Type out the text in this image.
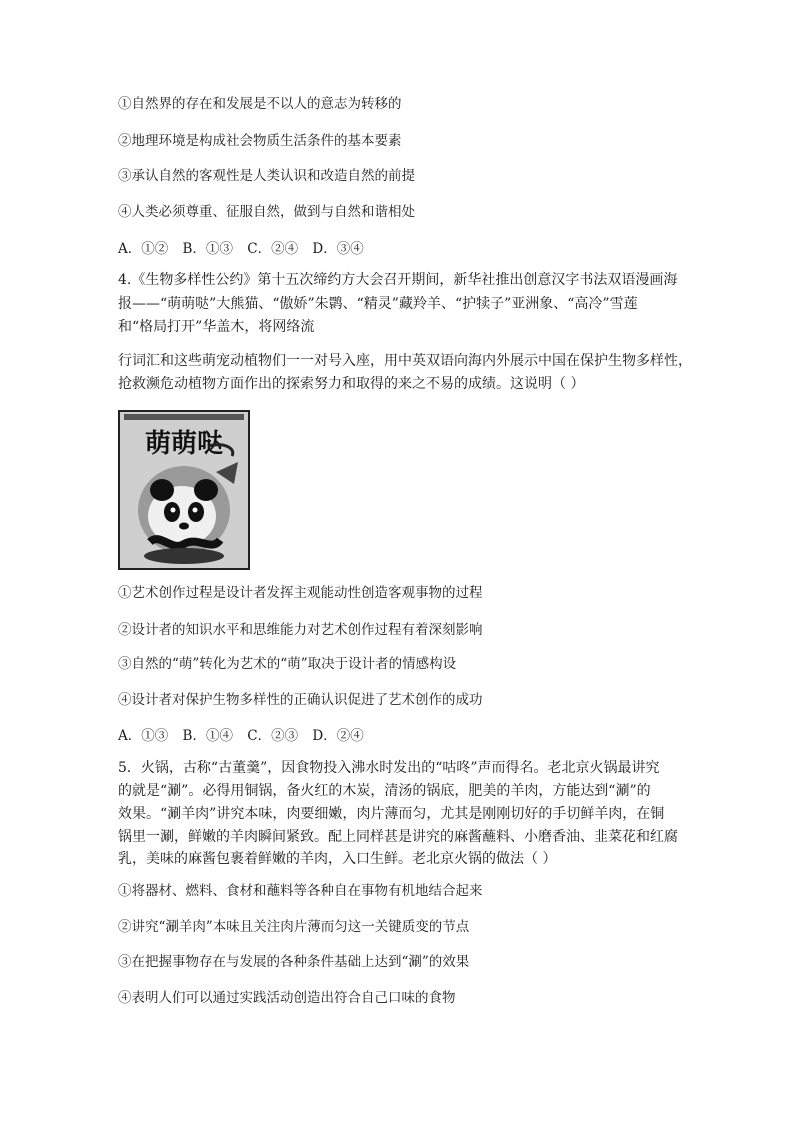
①自然界的存在和发展是不以人的意志为转移的
②地理环境是构成社会物质生活条件的基本要素
③承认自然的客观性是人类认识和改造自然的前提
④人类必须尊重、征服自然，做到与自然和谐相处
A．①② B．①③ C．②④ D．③④
4.《生物多样性公约》第十五次缔约方大会召开期间，新华社推出创意汉字书法双语漫画海
报——“萌萌哒”大熊猫、“傲娇”朱鹮、“精灵”藏羚羊、“护犊子”亚洲象、“高冷”雪莲
和“格局打开”华盖木，将网络流
行词汇和这些萌宠动植物们一一对号入座，用中英双语向海内外展示中国在保护生物多样性，
抢救濒危动植物方面作出的探索努力和取得的来之不易的成绩。这说明（ ）
萌萌哒
①艺术创作过程是设计者发挥主观能动性创造客观事物的过程
②设计者的知识水平和思维能力对艺术创作过程有着深刻影响
③自然的“萌”转化为艺术的“萌”取决于设计者的情感构设
④设计者对保护生物多样性的正确认识促进了艺术创作的成功
A．①③ B．①④ C．②③ D．②④
5．火锅，古称“古董羹”，因食物投入沸水时发出的“咕咚”声而得名。老北京火锅最讲究
的就是“涮”。必得用铜锅，备火红的木炭，清汤的锅底，肥美的羊肉，方能达到“涮”的
效果。“涮羊肉”讲究本味，肉要细嫩，肉片薄而匀，尤其是刚刚切好的手切鲜羊肉，在铜
锅里一涮，鲜嫩的羊肉瞬间紧致。配上同样甚是讲究的麻酱蘸料、小磨香油、韭菜花和红腐
乳，美味的麻酱包裹着鲜嫩的羊肉，入口生鲜。老北京火锅的做法（ ）
①将器材、燃料、食材和蘸料等各种自在事物有机地结合起来
②讲究“涮羊肉”本味且关注肉片薄而匀这一关键质变的节点
③在把握事物存在与发展的各种条件基础上达到“涮”的效果
④表明人们可以通过实践活动创造出符合自己口味的食物
